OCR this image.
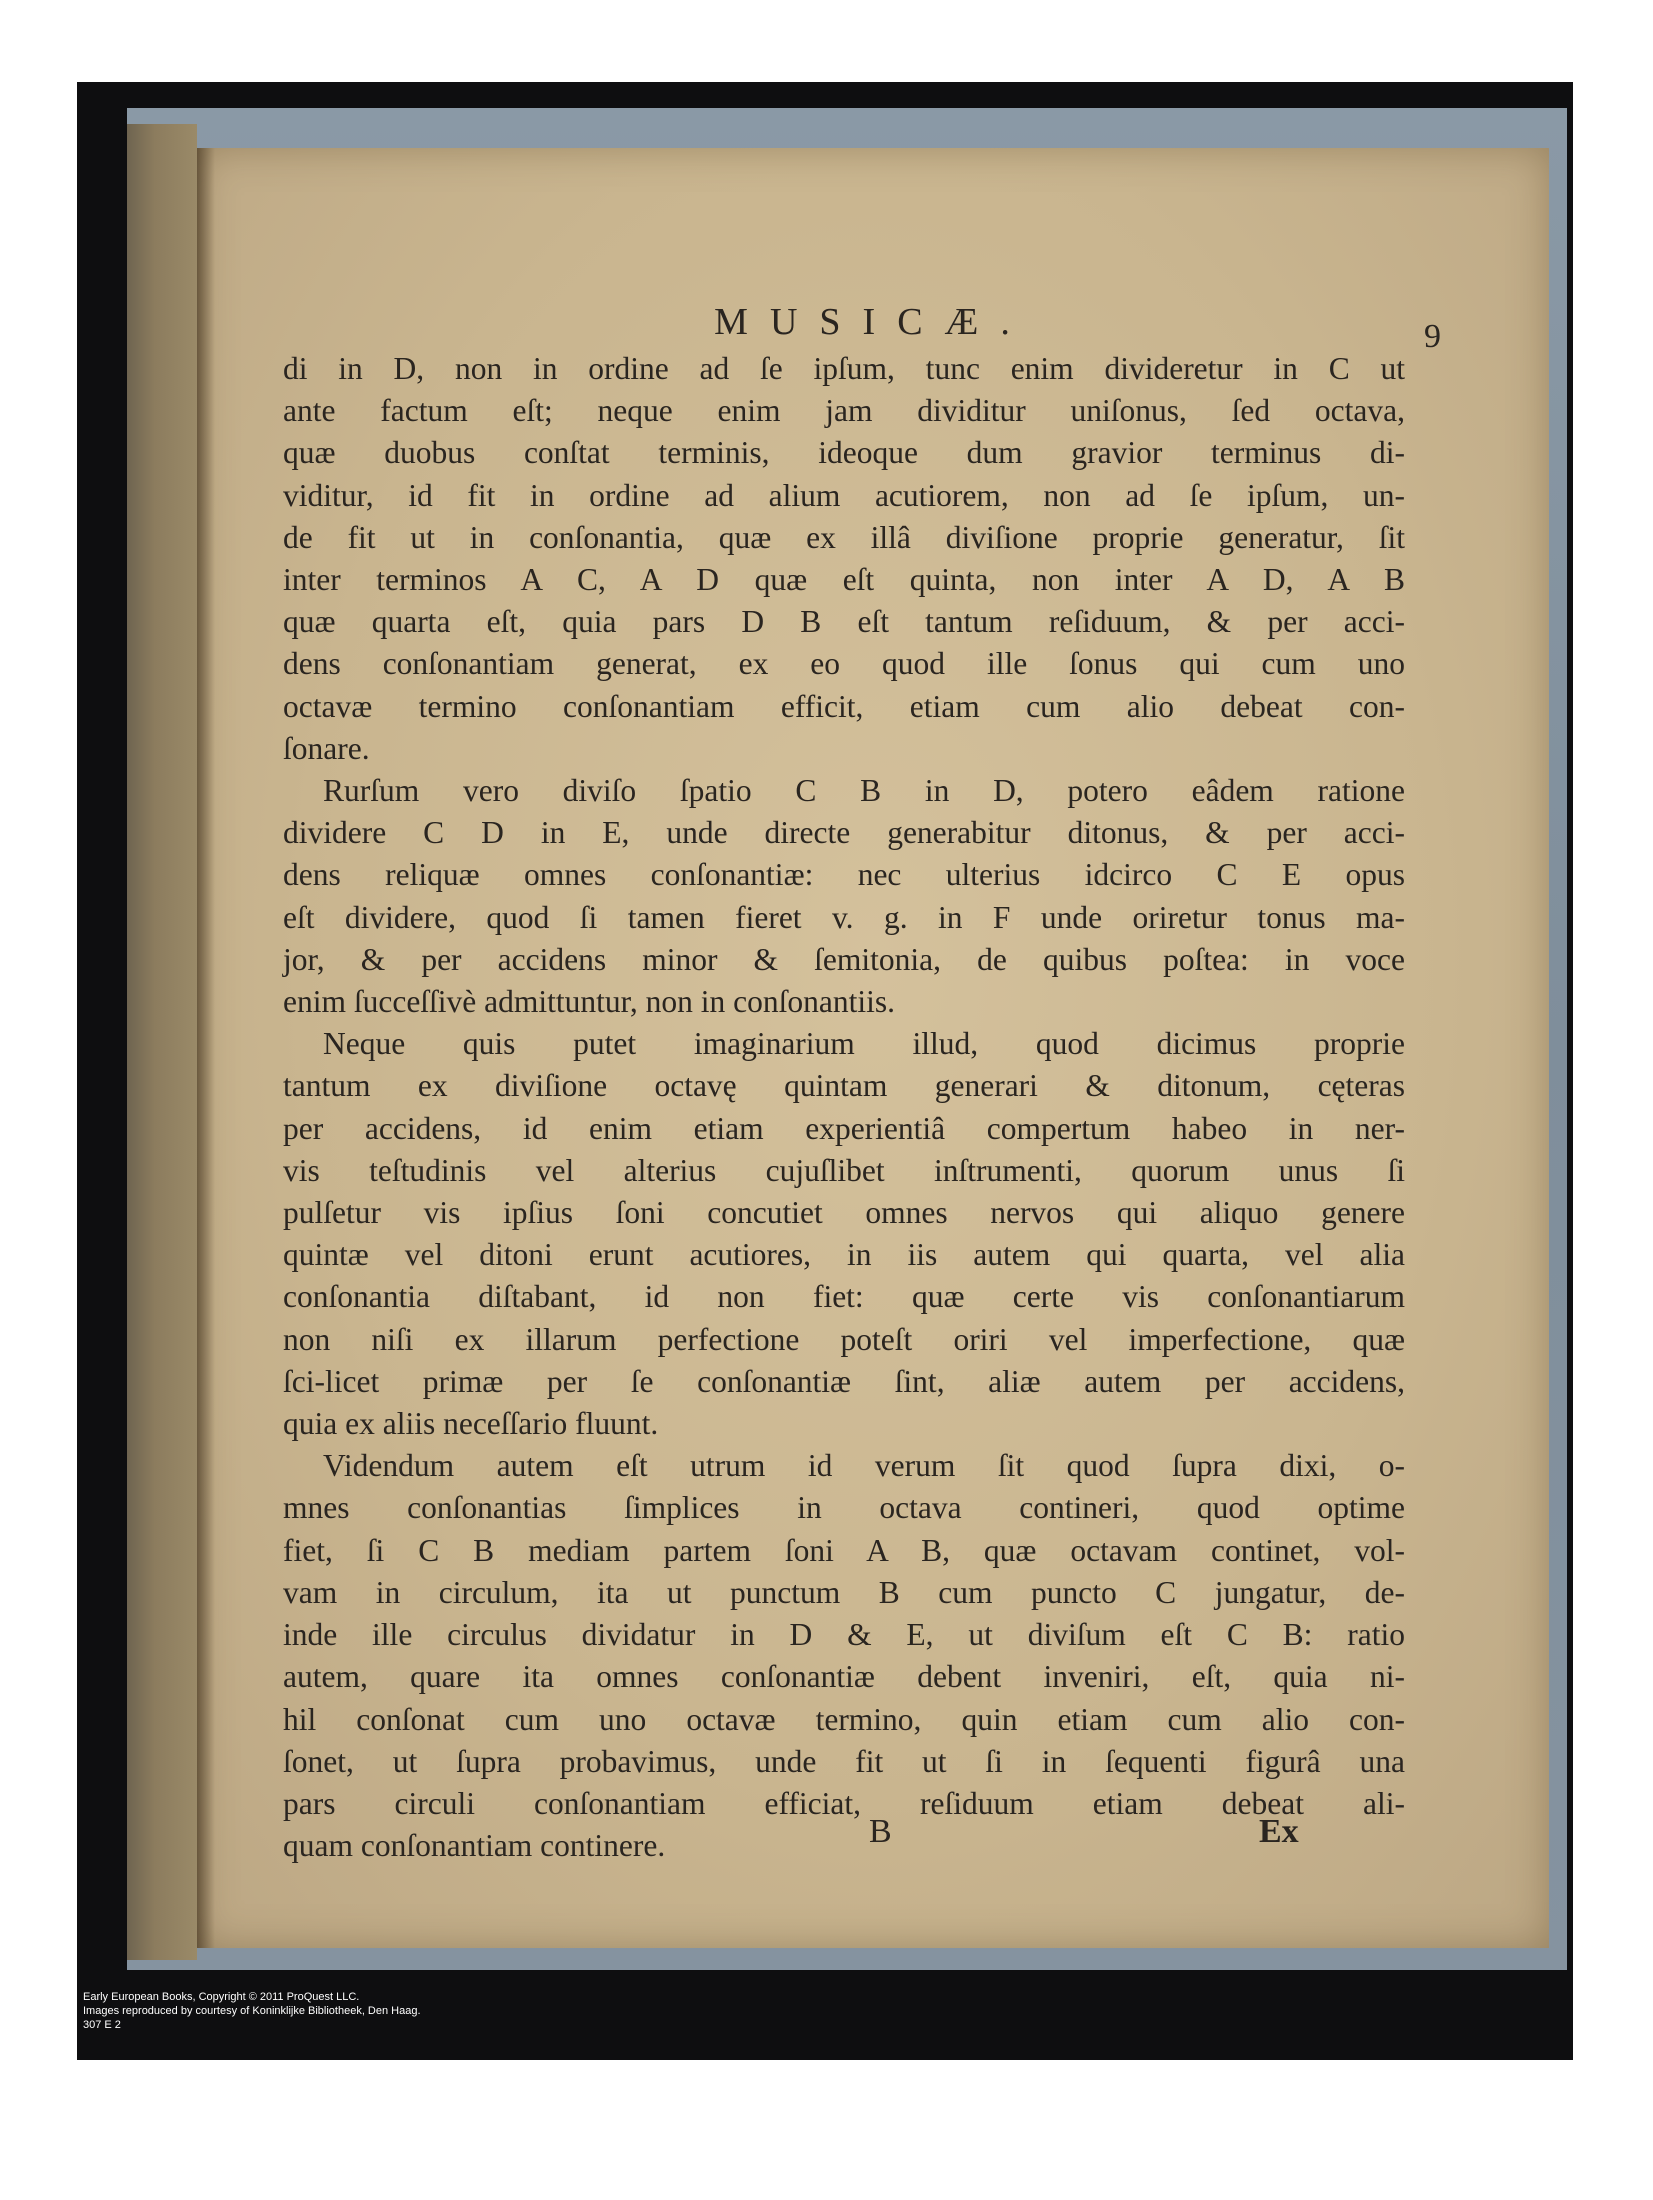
MUSICÆ.	9
di in D, non in ordine ad ſe ipſum, tunc enim divideretur in C ut
ante factum eſt; neque enim jam dividitur uniſonus, ſed octava,
quæ duobus conſtat terminis, ideoque dum gravior terminus di-
viditur, id fit in ordine ad alium acutiorem, non ad ſe ipſum, un-
de fit ut in conſonantia, quæ ex illâ diviſione proprie generatur, ſit
inter terminos A C, A D quæ eſt quinta, non inter A D, A B
quæ quarta eſt, quia pars D B eſt tantum reſiduum, & per acci-
dens conſonantiam generat, ex eo quod ille ſonus qui cum uno
octavæ termino conſonantiam efficit, etiam cum alio debeat con-
ſonare.
Rurſum vero diviſo ſpatio C B in D, potero eâdem ratione
dividere C D in E, unde directe generabitur ditonus, & per acci-
dens reliquæ omnes conſonantiæ: nec ulterius idcirco C E opus
eſt dividere, quod ſi tamen fieret v. g. in F unde oriretur tonus ma-
jor, & per accidens minor & ſemitonia, de quibus poſtea: in voce
enim ſucceſſivè admittuntur, non in conſonantiis.
Neque quis putet imaginarium illud, quod dicimus proprie
tantum ex diviſione octavę quintam generari & ditonum, cęteras
per accidens, id enim etiam experientiâ compertum habeo in ner-
vis teſtudinis vel alterius cujuſlibet inſtrumenti, quorum unus ſi
pulſetur vis ipſius ſoni concutiet omnes nervos qui aliquo genere
quintæ vel ditoni erunt acutiores, in iis autem qui quarta, vel alia
conſonantia diſtabant, id non fiet: quæ certe vis conſonantiarum
non niſi ex illarum perfectione poteſt oriri vel imperfectione, quæ
ſci-licet primæ per ſe conſonantiæ ſint, aliæ autem per accidens,
quia ex aliis neceſſario fluunt.
Videndum autem eſt utrum id verum ſit quod ſupra dixi, o-
mnes conſonantias ſimplices in octava contineri, quod optime
fiet, ſi C B mediam partem ſoni A B, quæ octavam continet, vol-
vam in circulum, ita ut punctum B cum puncto C jungatur, de-
inde ille circulus dividatur in D & E, ut diviſum eſt C B: ratio
autem, quare ita omnes conſonantiæ debent inveniri, eſt, quia ni-
hil conſonat cum uno octavæ termino, quin etiam cum alio con-
ſonet, ut ſupra probavimus, unde fit ut ſi in ſequenti figurâ una
pars circuli conſonantiam efficiat, reſiduum etiam debeat ali-
quam conſonantiam continere.	B	Ex
Early European Books, Copyright © 2011 ProQuest LLC.
Images reproduced by courtesy of Koninklijke Bibliotheek, Den Haag.
307 E 2
